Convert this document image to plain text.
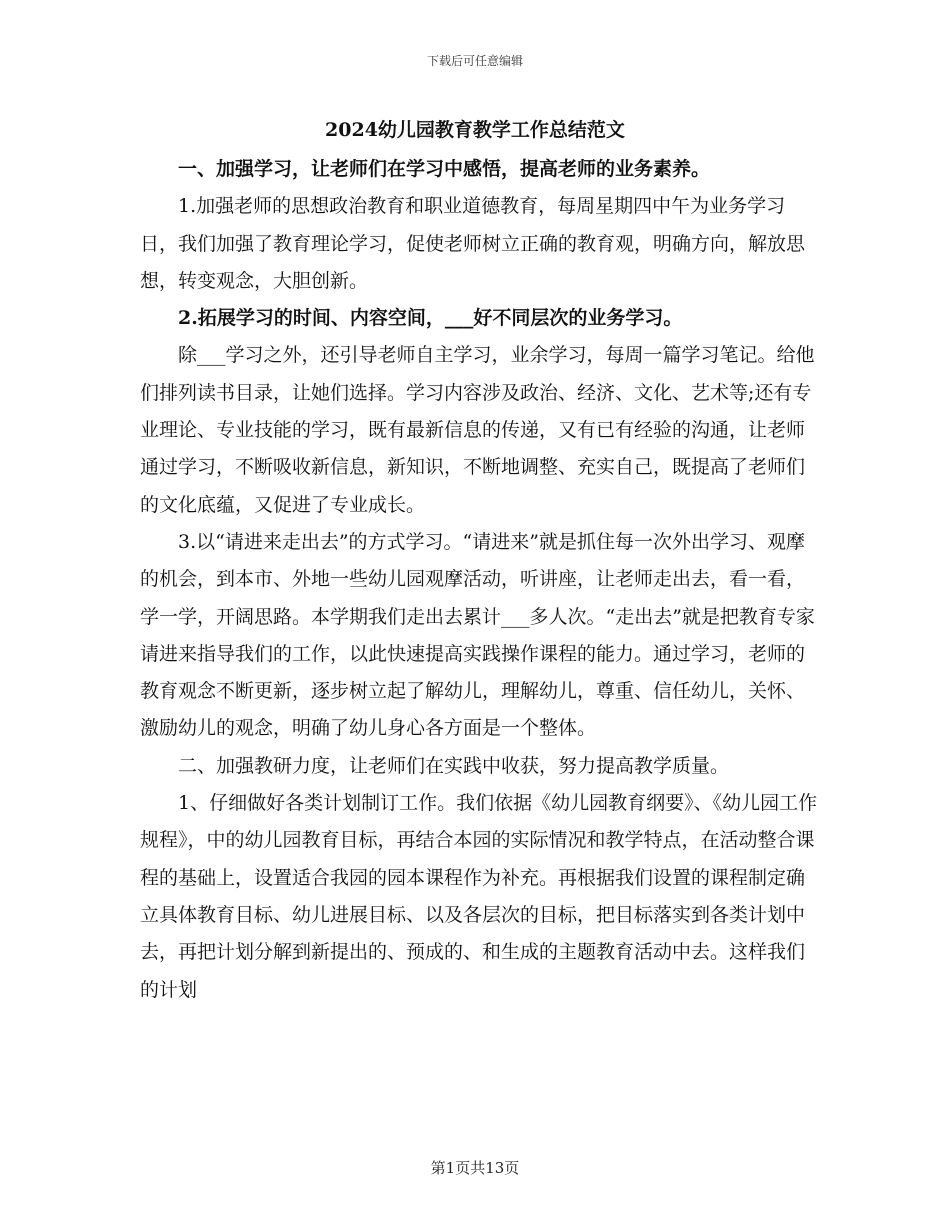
下载后可任意编辑
2024幼儿园教育教学工作总结范文

一、加强学习，让老师们在学习中感悟，提高老师的业务素养。

1.加强老师的思想政治教育和职业道德教育，每周星期四中午为业务学习日，我们加强了教育理论学习，促使老师树立正确的教育观，明确方向，解放思想，转变观念，大胆创新。

2.拓展学习的时间、内容空间，___好不同层次的业务学习。

除___学习之外，还引导老师自主学习，业余学习，每周一篇学习笔记。给他们排列读书目录，让她们选择。学习内容涉及政治、经济、文化、艺术等;还有专业理论、专业技能的学习，既有最新信息的传递，又有已有经验的沟通，让老师通过学习，不断吸收新信息，新知识，不断地调整、充实自己，既提高了老师们的文化底蕴，又促进了专业成长。

3.以“请进来走出去”的方式学习。“请进来”就是抓住每一次外出学习、观摩的机会，到本市、外地一些幼儿园观摩活动，听讲座，让老师走出去，看一看，学一学，开阔思路。本学期我们走出去累计___多人次。“走出去”就是把教育专家请进来指导我们的工作，以此快速提高实践操作课程的能力。通过学习，老师的教育观念不断更新，逐步树立起了解幼儿，理解幼儿，尊重、信任幼儿，关怀、激励幼儿的观念，明确了幼儿身心各方面是一个整体。

二、加强教研力度，让老师们在实践中收获，努力提高教学质量。

1、仔细做好各类计划制订工作。我们依据《幼儿园教育纲要》、《幼儿园工作规程》，中的幼儿园教育目标，再结合本园的实际情况和教学特点，在活动整合课程的基础上，设置适合我园的园本课程作为补充。再根据我们设置的课程制定确立具体教育目标、幼儿进展目标、以及各层次的目标，把目标落实到各类计划中去，再把计划分解到新提出的、预成的、和生成的主题教育活动中去。这样我们的计划

第1页共13页
